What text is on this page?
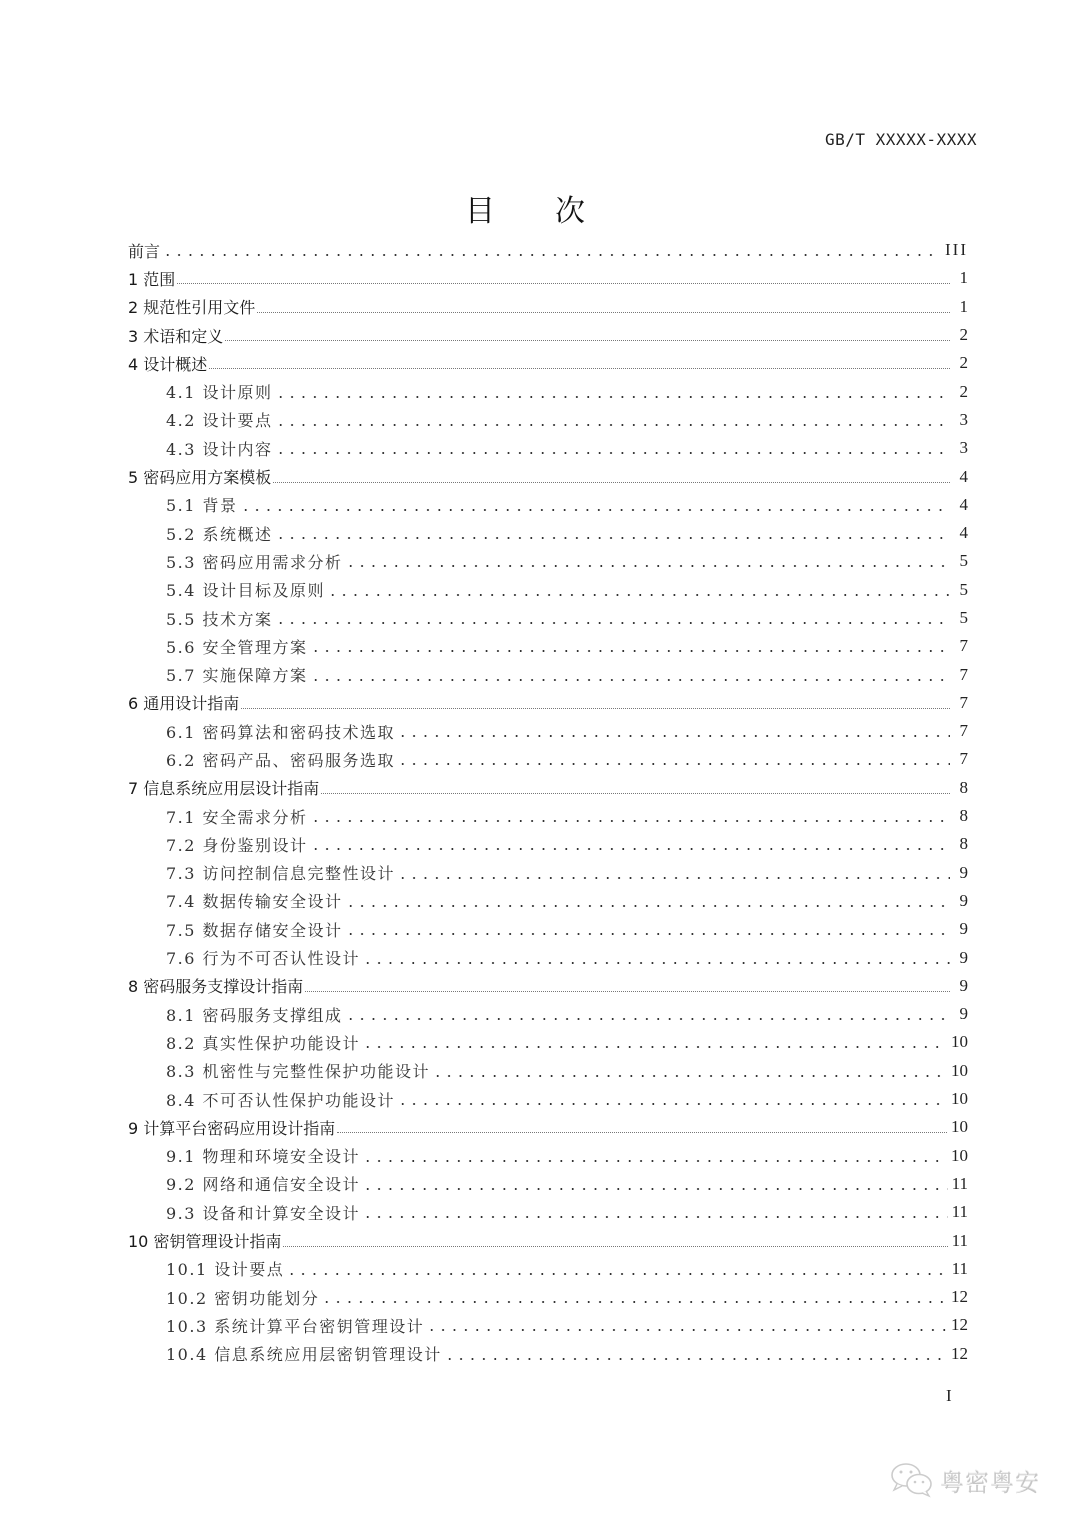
GB/T XXXXX-XXXX
目次
前言	III
1 范围	1
2 规范性引用文件	1
3 术语和定义	2
4 设计概述	2
4.1 设计原则	2
4.2 设计要点	3
4.3 设计内容	3
5 密码应用方案模板	4
5.1 背景	4
5.2 系统概述	4
5.3 密码应用需求分析	5
5.4 设计目标及原则	5
5.5 技术方案	5
5.6 安全管理方案	7
5.7 实施保障方案	7
6 通用设计指南	7
6.1 密码算法和密码技术选取	7
6.2 密码产品、密码服务选取	7
7 信息系统应用层设计指南	8
7.1 安全需求分析	8
7.2 身份鉴别设计	8
7.3 访问控制信息完整性设计	9
7.4 数据传输安全设计	9
7.5 数据存储安全设计	9
7.6 行为不可否认性设计	9
8 密码服务支撑设计指南	9
8.1 密码服务支撑组成	9
8.2 真实性保护功能设计	10
8.3 机密性与完整性保护功能设计	10
8.4 不可否认性保护功能设计	10
9 计算平台密码应用设计指南	10
9.1 物理和环境安全设计	10
9.2 网络和通信安全设计	11
9.3 设备和计算安全设计	11
10 密钥管理设计指南	11
10.1 设计要点	11
10.2 密钥功能划分	12
10.3 系统计算平台密钥管理设计	12
10.4 信息系统应用层密钥管理设计	12
I
粤密粤安
